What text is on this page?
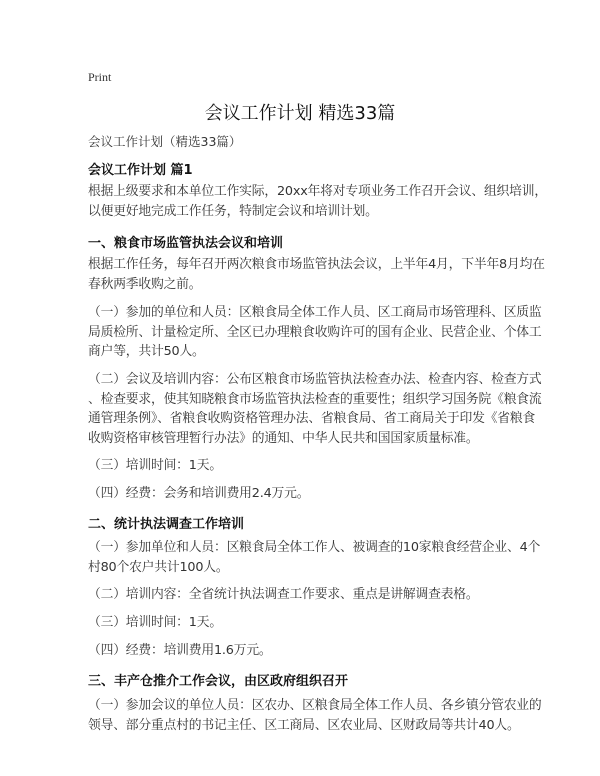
Print
会议工作计划 精选33篇
会议工作计划（精选33篇）
会议工作计划 篇1
根据上级要求和本单位工作实际，20xx年将对专项业务工作召开会议、组织培训，
以便更好地完成工作任务，特制定会议和培训计划。
一、粮食市场监管执法会议和培训
根据工作任务，每年召开两次粮食市场监管执法会议，上半年4月，下半年8月均在
春秋两季收购之前。
（一）参加的单位和人员：区粮食局全体工作人员、区工商局市场管理科、区质监
局质检所、计量检定所、全区已办理粮食收购许可的国有企业、民营企业、个体工
商户等，共计50人。
（二）会议及培训内容：公布区粮食市场监管执法检查办法、检查内容、检查方式
、检查要求，使其知晓粮食市场监管执法检查的重要性；组织学习国务院《粮食流
通管理条例》、省粮食收购资格管理办法、省粮食局、省工商局关于印发《省粮食
收购资格审核管理暂行办法》的通知、中华人民共和国国家质量标准。
（三）培训时间：1天。
（四）经费：会务和培训费用2.4万元。
二、统计执法调查工作培训
（一）参加单位和人员：区粮食局全体工作人、被调查的10家粮食经营企业、4个
村80个农户共计100人。
（二）培训内容：全省统计执法调查工作要求、重点是讲解调查表格。
（三）培训时间：1天。
（四）经费：培训费用1.6万元。
三、丰产仓推介工作会议，由区政府组织召开
（一）参加会议的单位人员：区农办、区粮食局全体工作人员、各乡镇分管农业的
领导、部分重点村的书记主任、区工商局、区农业局、区财政局等共计40人。
